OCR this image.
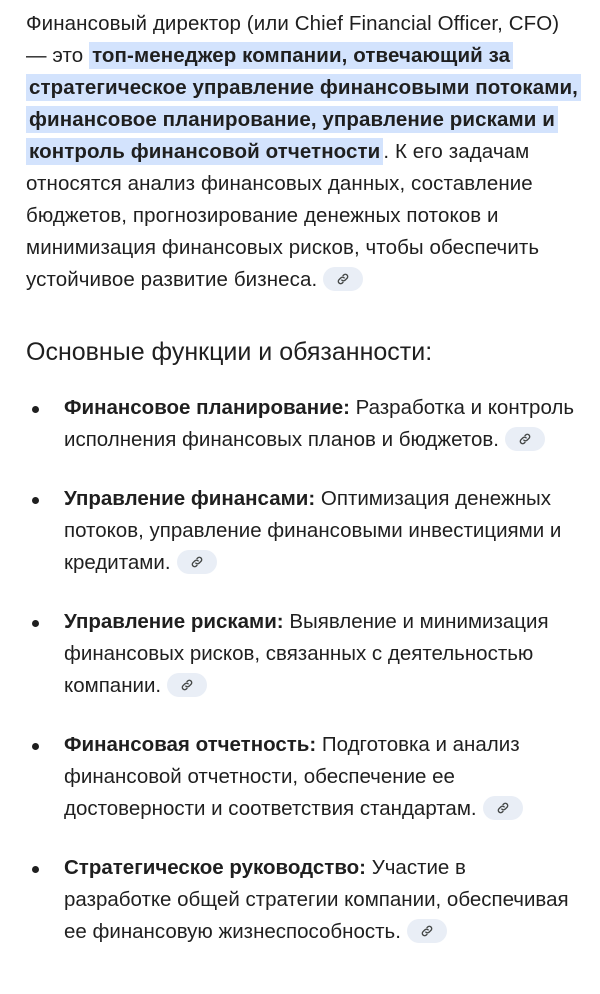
Финансовый директор (или Chief Financial Officer, CFO) — это топ-менеджер компании, отвечающий за стратегическое управление финансовыми потоками, финансовое планирование, управление рисками и контроль финансовой отчетности . К его задачам относятся анализ финансовых данных, составление бюджетов, прогнозирование денежных потоков и минимизация финансовых рисков, чтобы обеспечить устойчивое развитие бизнеса.

Основные функции и обязанности:
Финансовое планирование: Разработка и контроль исполнения финансовых планов и бюджетов.
Управление финансами: Оптимизация денежных потоков, управление финансовыми инвестициями и кредитами.
Управление рисками: Выявление и минимизация финансовых рисков, связанных с деятельностью компании.
Финансовая отчетность: Подготовка и анализ финансовой отчетности, обеспечение ее достоверности и соответствия стандартам.
Стратегическое руководство: Участие в разработке общей стратегии компании, обеспечивая ее финансовую жизнеспособность.
